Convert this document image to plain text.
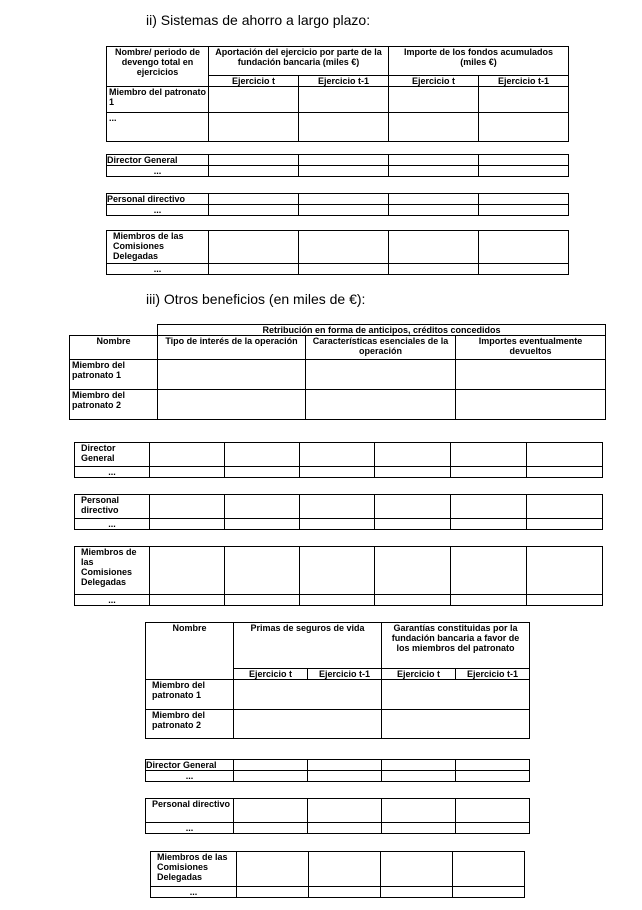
ii) Sistemas de ahorro a largo plazo:

Nombre/ periodo de devengo total en ejercicios	Aportación del ejercicio por parte de la fundación bancaria (miles €)		Importe de los fondos acumulados (miles €)	
	Ejercicio t	Ejercicio t-1	Ejercicio t	Ejercicio t-1
Miembro del patronato 1				
...				
Director General				
...				
Personal directivo				
...				
Miembros de las Comisiones Delegadas				
...				

iii) Otros beneficios (en miles de €):

	Retribución en forma de anticipos, créditos concedidos		
Nombre	Tipo de interés de la operación	Características esenciales de la operación	Importes eventualmente devueltos
Miembro del patronato 1			
Miembro del patronato 2			
Director General						
...						
Personal directivo						
...						
Miembros de las Comisiones Delegadas						
...						
Nombre	Primas de seguros de vida		Garantías constituidas por la fundación bancaria a favor de los miembros del patronato	
	Ejercicio t	Ejercicio t-1	Ejercicio t	Ejercicio t-1
Miembro del patronato 1				
Miembro del patronato 2				
Director General				
...				
Personal directivo				
...				
Miembros de las Comisiones Delegadas				
...				
